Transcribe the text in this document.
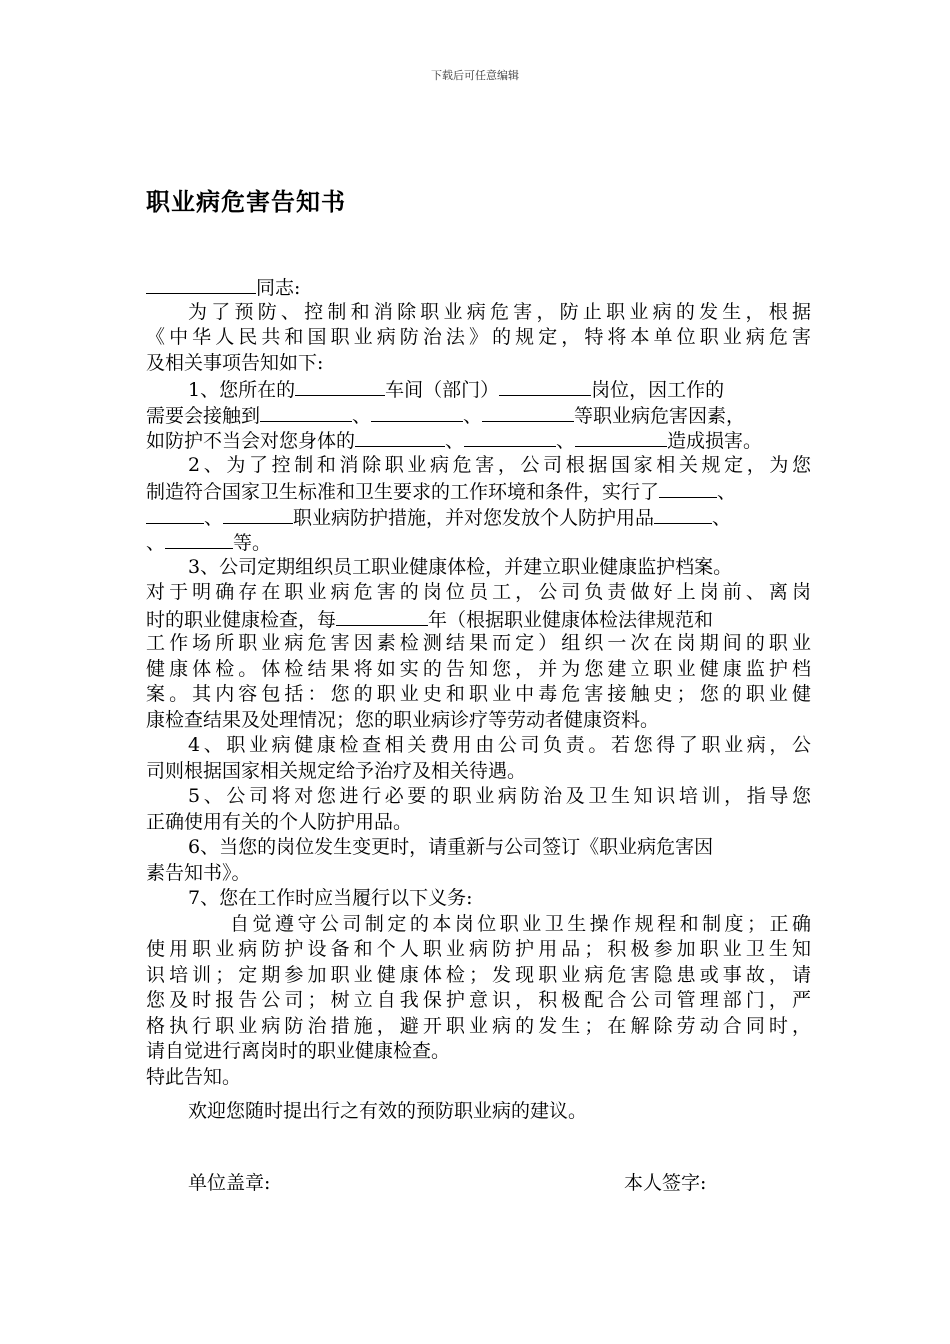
下载后可任意编辑
职业病危害告知书
同志:
为了预防、控制和消除职业病危害，防止职业病的发生，根据
《中华人民共和国职业病防治法》的规定，特将本单位职业病危害
及相关事项告知如下:
1、您所在的	车间（部门）	岗位，因工作的
需要会接触到	、	、	等职业病危害因素，
如防护不当会对您身体的	、	、	造成损害。
2、为了控制和消除职业病危害，公司根据国家相关规定，为您
制造符合国家卫生标准和卫生要求的工作环境和条件，实行了	、
、	职业病防护措施，并对您发放个人防护用品	、
、	等。
3、公司定期组织员工职业健康体检，并建立职业健康监护档案。
对于明确存在职业病危害的岗位员工，公司负责做好上岗前、离岗
时的职业健康检查，每	年（根据职业健康体检法律规范和
工作场所职业病危害因素检测结果而定）组织一次在岗期间的职业
健康体检。体检结果将如实的告知您，并为您建立职业健康监护档
案。其内容包括：您的职业史和职业中毒危害接触史；您的职业健
康检查结果及处理情况；您的职业病诊疗等劳动者健康资料。
4、职业病健康检查相关费用由公司负责。若您得了职业病，公
司则根据国家相关规定给予治疗及相关待遇。
5、公司将对您进行必要的职业病防治及卫生知识培训，指导您
正确使用有关的个人防护用品。
6、当您的岗位发生变更时，请重新与公司签订《职业病危害因
素告知书》。
7、您在工作时应当履行以下义务:
自觉遵守公司制定的本岗位职业卫生操作规程和制度；正确
使用职业病防护设备和个人职业病防护用品；积极参加职业卫生知
识培训；定期参加职业健康体检；发现职业病危害隐患或事故，请
您及时报告公司；树立自我保护意识，积极配合公司管理部门，严
格执行职业病防治措施，避开职业病的发生；在解除劳动合同时，
请自觉进行离岗时的职业健康检查。
特此告知。
欢迎您随时提出行之有效的预防职业病的建议。
单位盖章:	本人签字:
